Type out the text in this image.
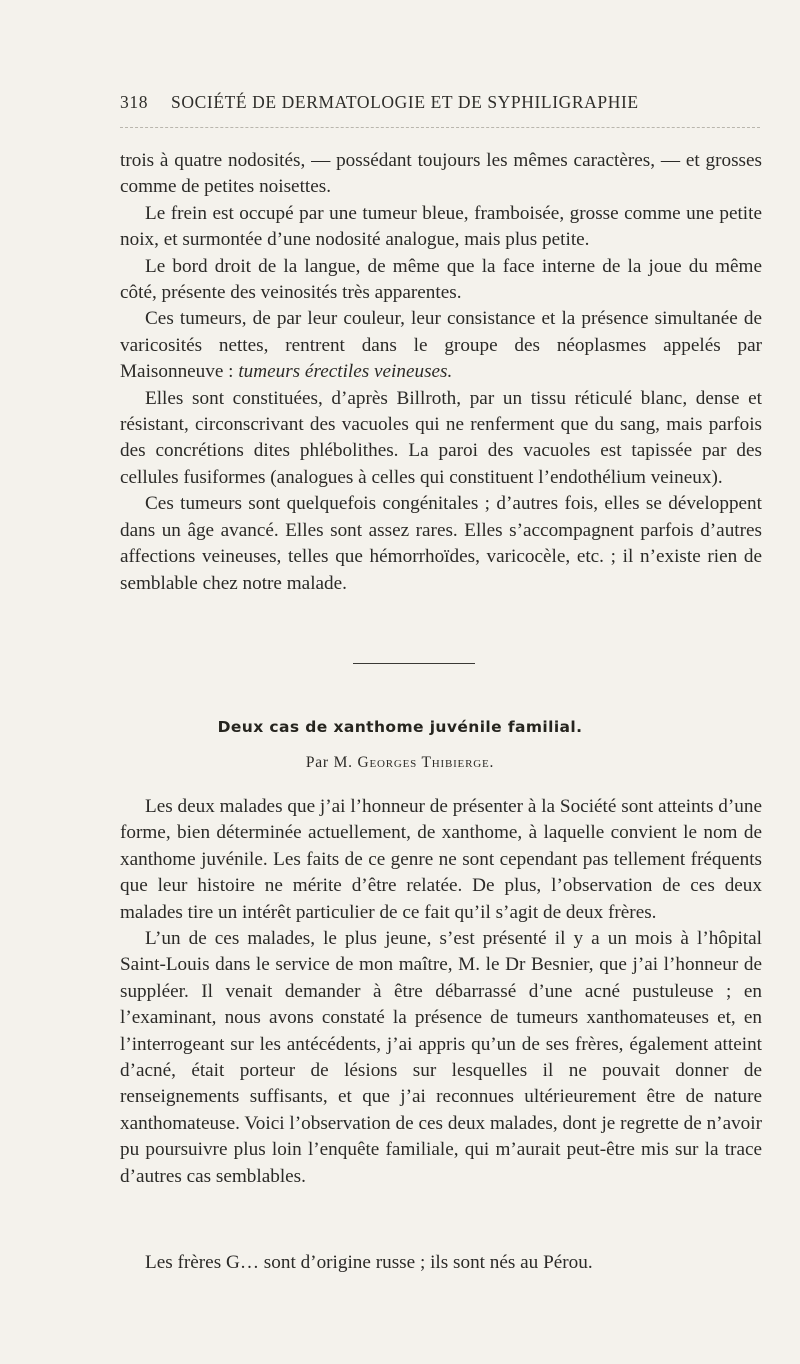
318 SOCIÉTÉ DE DERMATOLOGIE ET DE SYPHILIGRAPHIE

trois à quatre nodosités, — possédant toujours les mêmes caractères, — et grosses comme de petites noisettes.

Le frein est occupé par une tumeur bleue, framboisée, grosse comme une petite noix, et surmontée d’une nodosité analogue, mais plus petite.

Le bord droit de la langue, de même que la face interne de la joue du même côté, présente des veinosités très apparentes.

Ces tumeurs, de par leur couleur, leur consistance et la présence simultanée de varicosités nettes, rentrent dans le groupe des néoplasmes appelés par Maisonneuve : tumeurs érectiles veineuses.

Elles sont constituées, d’après Billroth, par un tissu réticulé blanc, dense et résistant, circonscrivant des vacuoles qui ne renferment que du sang, mais parfois des concrétions dites phlébolithes. La paroi des vacuoles est tapissée par des cellules fusiformes (analogues à celles qui constituent l’endothélium veineux).

Ces tumeurs sont quelquefois congénitales ; d’autres fois, elles se développent dans un âge avancé. Elles sont assez rares. Elles s’accompagnent parfois d’autres affections veineuses, telles que hémorrhoïdes, varicocèle, etc. ; il n’existe rien de semblable chez notre malade.

Deux cas de xanthome juvénile familial.
Par M. Georges Thibierge.

Les deux malades que j’ai l’honneur de présenter à la Société sont atteints d’une forme, bien déterminée actuellement, de xanthome, à laquelle convient le nom de xanthome juvénile. Les faits de ce genre ne sont cependant pas tellement fréquents que leur histoire ne mérite d’être relatée. De plus, l’observation de ces deux malades tire un intérêt particulier de ce fait qu’il s’agit de deux frères.

L’un de ces malades, le plus jeune, s’est présenté il y a un mois à l’hôpital Saint-Louis dans le service de mon maître, M. le Dr Besnier, que j’ai l’honneur de suppléer. Il venait demander à être débarrassé d’une acné pustuleuse ; en l’examinant, nous avons constaté la présence de tumeurs xanthomateuses et, en l’interrogeant sur les antécédents, j’ai appris qu’un de ses frères, également atteint d’acné, était porteur de lésions sur lesquelles il ne pouvait donner de renseignements suffisants, et que j’ai reconnues ultérieurement être de nature xanthomateuse. Voici l’observation de ces deux malades, dont je regrette de n’avoir pu poursuivre plus loin l’enquête familiale, qui m’aurait peut-être mis sur la trace d’autres cas semblables.

Les frères G… sont d’origine russe ; ils sont nés au Pérou.
